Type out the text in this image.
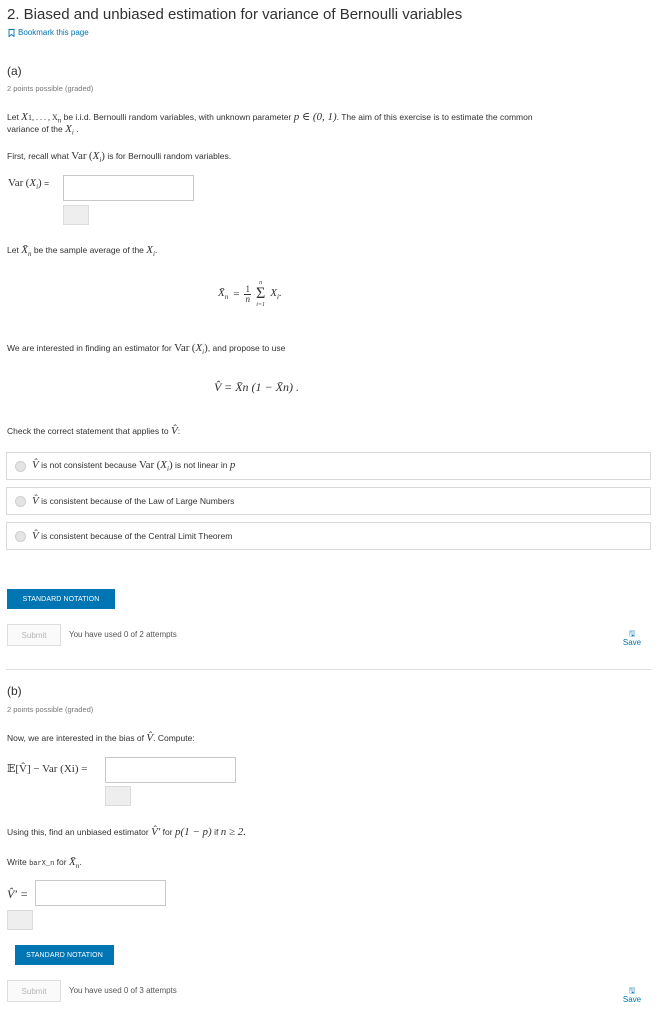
2. Biased and unbiased estimation for variance of Bernoulli variables
Bookmark this page
(a)
2 points possible (graded)
Let X1, . . . , $X_n$ be i.i.d. Bernoulli random variables, with unknown parameter p ∈ (0, 1). The aim of this exercise is to estimate the common
variance of the $X_i$ .
First, recall what Var $(X_i)$ is for Bernoulli random variables.
Var $(X_i)$ =
Let $X̄_n$ be the sample average of the $X_i$.
$X̄_n = \frac{1}{n}$
n
Σ
i=1
$X_i$.
We are interested in finding an estimator for Var $(X_i)$, and propose to use
V̂ = X̄n (1 − X̄n) .
Check the correct statement that applies to V̂:
V̂ is not consistent because Var $(X_i)$ is not linear in p
V̂ is consistent because of the Law of Large Numbers
V̂ is consistent because of the Central Limit Theorem
STANDARD NOTATION
Submit	You have used 0 of 2 attempts	🖫
Save
(b)
2 points possible (graded)
Now, we are interested in the bias of V̂. Compute:
𝔼[V̂] − Var (Xi) =
Using this, find an unbiased estimator V̂′ for p(1 − p) if n ≥ 2.
Write barX_n for $X̄_n$.
V̂′ =
STANDARD NOTATION
Submit	You have used 0 of 3 attempts	🖫
Save
